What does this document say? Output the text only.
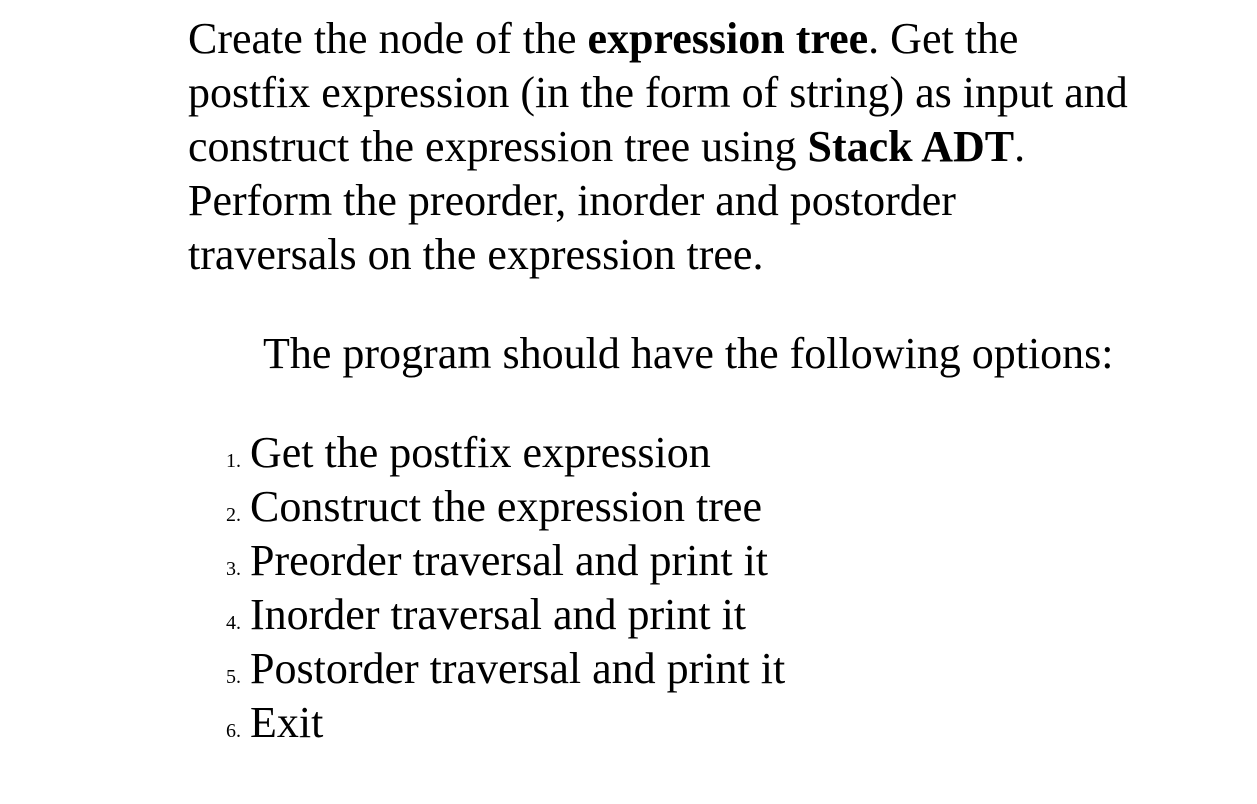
Create the node of the expression tree. Get the
postfix expression (in the form of string) as input and
construct the expression tree using Stack ADT.
Perform the preorder, inorder and postorder
traversals on the expression tree.
The program should have the following options:
1. Get the postfix expression
2. Construct the expression tree
3. Preorder traversal and print it
4. Inorder traversal and print it
5. Postorder traversal and print it
6. Exit
